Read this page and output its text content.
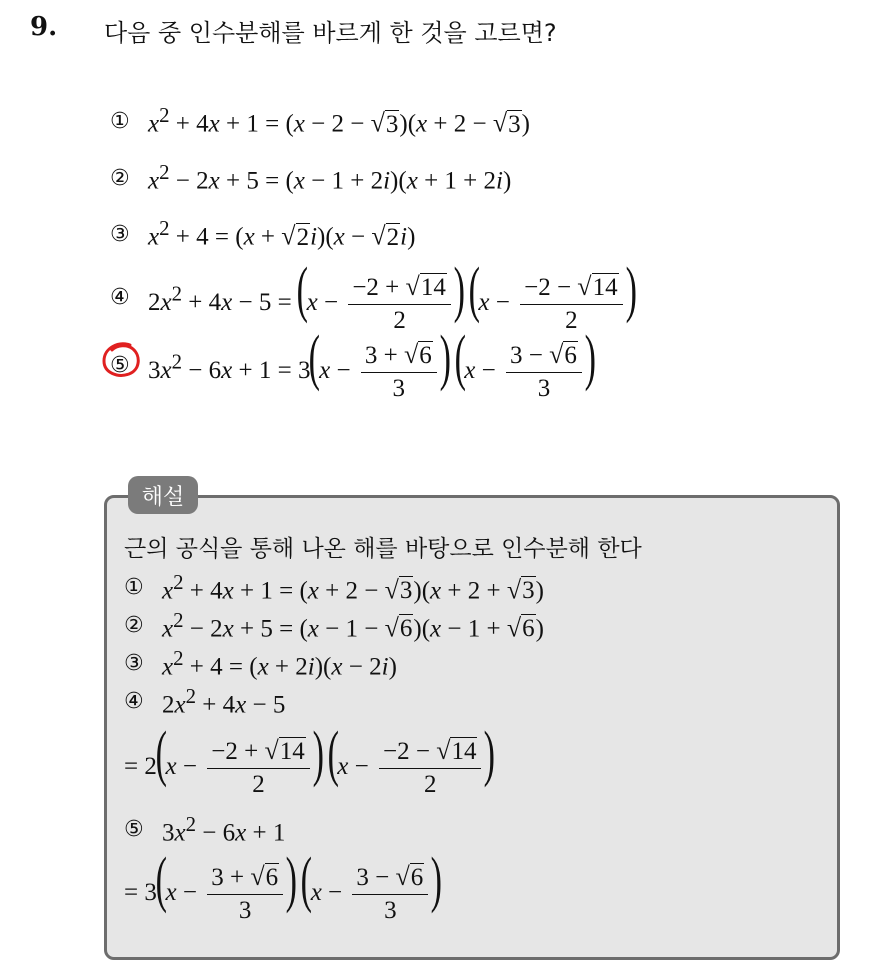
9. 다음 중 인수분해를 바르게 한 것을 고르면?
① $x^2 + 4x + 1 = (x - 2 - √3)(x + 2 - √3)$
② $x^2 - 2x + 5 = (x - 1 + 2i)(x + 1 + 2i)$
③ $x^2 + 4 = (x + √2i)(x - √2i)$
④ $2x^2 + 4x - 5 = (x - \frac{-2 + √14}{2}$ ) ($x - \frac{-2 - √14}{2}$ )
⑤ $3x^2 - 6x + 1 = 3(x - \frac{3 + √6}{3}$ ) ($x - \frac{3 - √6}{3}$ )
해설
근의 공식을 통해 나온 해를 바탕으로 인수분해 한다
① $x^2 + 4x + 1 = (x + 2 - √3)(x + 2 + √3)$
② $x^2 - 2x + 5 = (x - 1 - √6)(x - 1 + √6)$
③ $x^2 + 4 = (x + 2i)(x - 2i)$
④ $2x^2 + 4x - 5$
= $2(x - \frac{-2 + √14}{2}$ ) ($x - \frac{-2 - √14}{2}$ )
⑤ $3x^2 - 6x + 1$
= $3(x - \frac{3 + √6}{3}$ ) ($x - \frac{3 - √6}{3}$ )
